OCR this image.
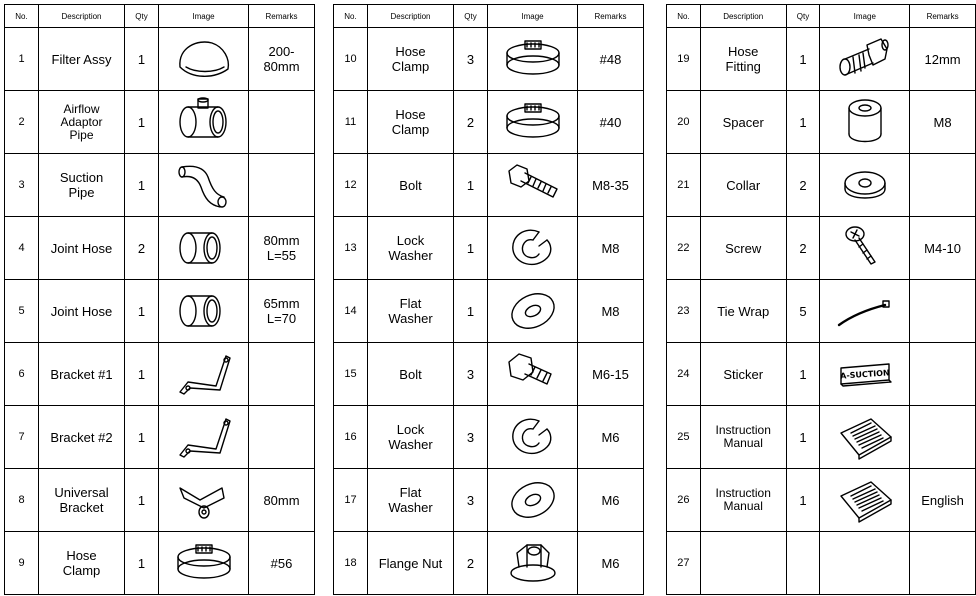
No.	Description	Qty	Image	Remarks
1	Filter Assy	1		200-
80mm
2	Airflow
Adaptor
Pipe	1	

3	Suction
Pipe	1	

4	Joint Hose	2		80mm
L=55
5	Joint Hose	1		65mm
L=70
6	Bracket #1	1	

7	Bracket #2	1	

8	Universal
Bracket	1		80mm
9	Hose
Clamp	1		#56
No.	Description	Qty	Image	Remarks
10	Hose
Clamp	3		#48
11	Hose
Clamp	2		#40
12	Bolt	1		M8-35
13	Lock
Washer	1		M8
14	Flat
Washer	1		M8
15	Bolt	3		M6-15
16	Lock
Washer	3		M6
17	Flat
Washer	3		M6
18	Flange Nut	2		M6
No.	Description	Qty	Image	Remarks
19	Hose
Fitting	1		12mm
20	Spacer	1		M8
21	Collar	2	

22	Screw	2		M4-10
23	Tie Wrap	5	

24	Sticker	1	A-SUCTION	

25	Instruction
Manual	1	

26	Instruction
Manual	1		English
27				
